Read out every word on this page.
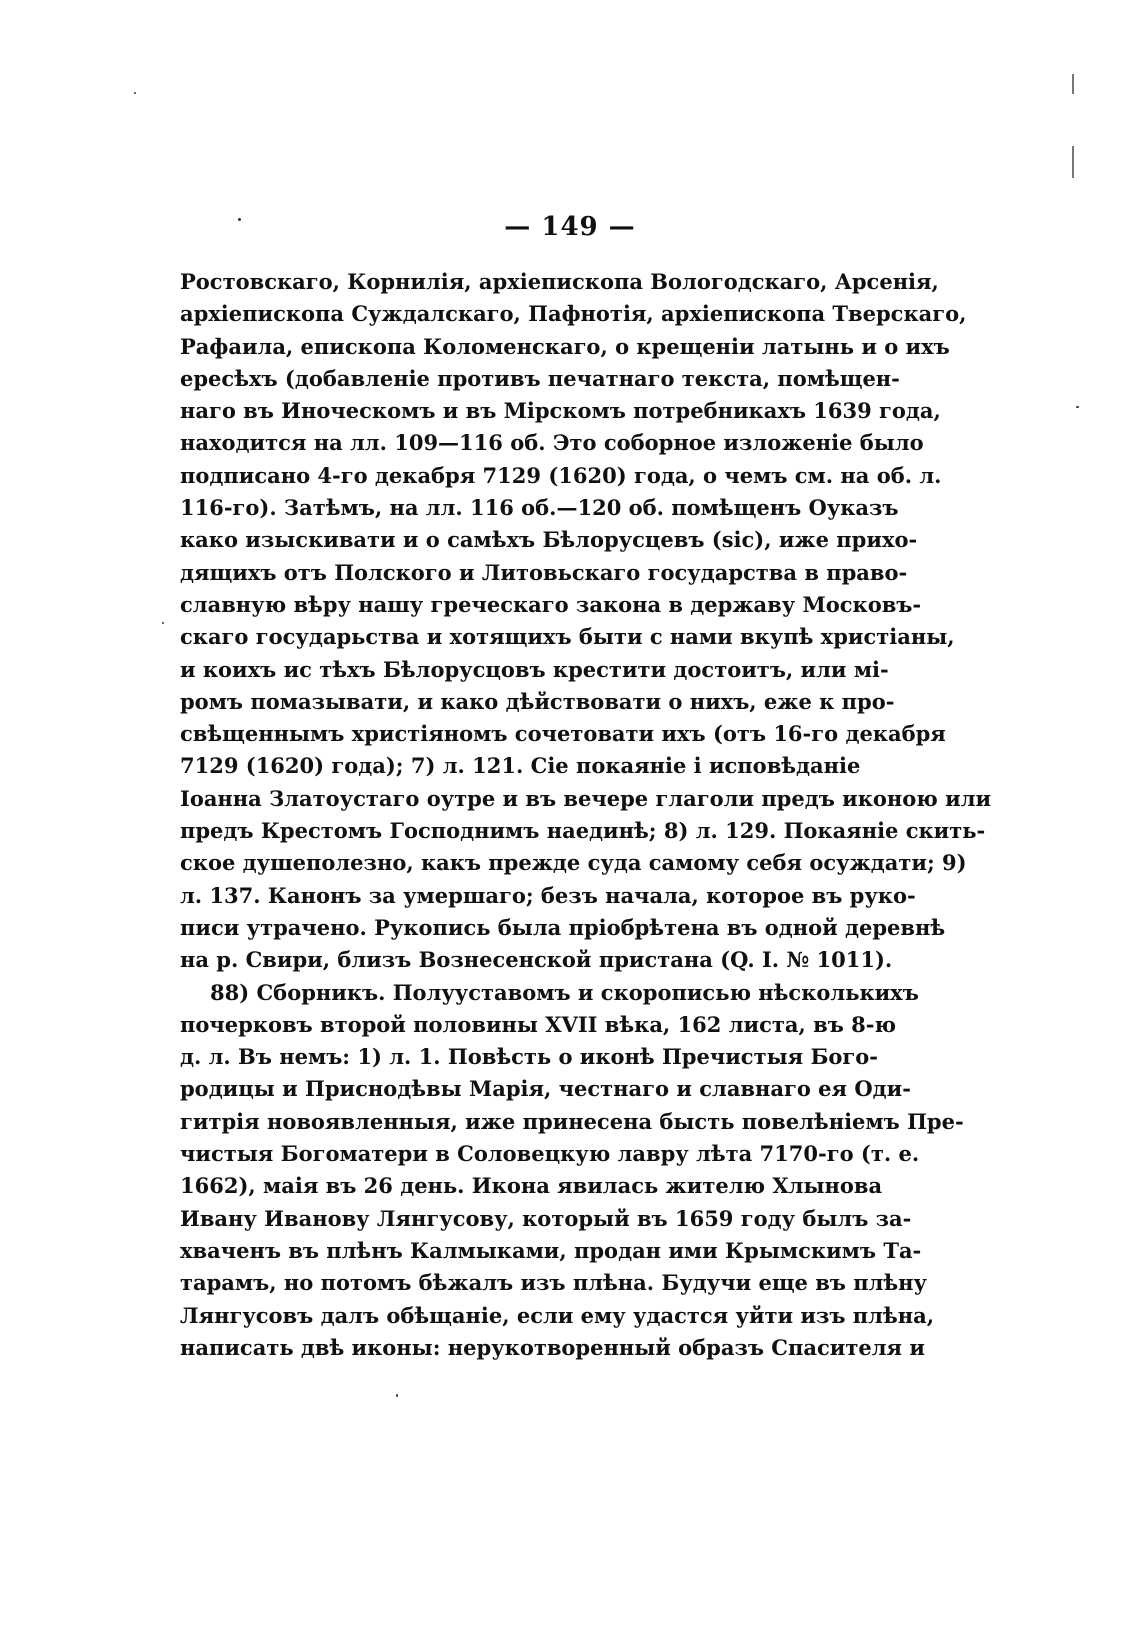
— 149 —
Ростовскаго, Корнилія, архіепископа Вологодскаго, Арсенія,
архіепископа Суждалскаго, Пафнотія, архіепископа Тверскаго,
Рафаила, епископа Коломенскаго, о крещеніи латынь и о ихъ
ересѣхъ (добавленіе противъ печатнаго текста, помѣщен-
наго въ Иноческомъ и въ Мірскомъ потребникахъ 1639 года,
находится на лл. 109—116 об. Это соборное изложеніе было
подписано 4-го декабря 7129 (1620) года, о чемъ см. на об. л.
116-го). Затѣмъ, на лл. 116 об.—120 об. помѣщенъ Оуказъ
како изыскивати и о самѣхъ Бѣлорусцевъ (sic), иже прихо-
дящихъ отъ Полского и Литовьскаго государства в право-
славную вѣру нашу греческаго закона в державу Московъ-
скаго государьства и хотящихъ быти с нами вкупѣ христіаны,
и коихъ ис тѣхъ Бѣлорусцовъ крестити достоитъ, или мі-
ромъ помазывати, и како дѣйствовати о нихъ, еже к про-
свѣщеннымъ христіяномъ сочетовати ихъ (отъ 16-го декабря
7129 (1620) года); 7) л. 121. Сіе покаяніе і исповѣданіе
Іоанна Златоустаго оутре и въ вечере глаголи предъ иконою или
предъ Крестомъ Господнимъ наединѣ; 8) л. 129. Покаяніе скить-
ское душеполезно, какъ прежде суда самому себя осуждати; 9)
л. 137. Канонъ за умершаго; безъ начала, которое въ руко-
писи утрачено. Рукопись была пріобрѣтена въ одной деревнѣ
на р. Свири, близъ Вознесенской пристана (Q. I. № 1011).
88) Сборникъ. Полууставомъ и скорописью нѣсколькихъ
почерковъ второй половины XVII вѣка, 162 листа, въ 8-ю
д. л. Въ немъ: 1) л. 1. Повѣсть о иконѣ Пречистыя Бого-
родицы и Приснодѣвы Марія, честнаго и славнаго ея Оди-
гитрія новоявленныя, иже принесена бысть повелѣніемъ Пре-
чистыя Богоматери в Соловецкую лавру лѣта 7170-го (т. е.
1662), маія въ 26 день. Икона явилась жителю Хлынова
Ивану Иванову Лянгусову, который въ 1659 году былъ за-
хваченъ въ плѣнъ Калмыками, продан ими Крымскимъ Та-
тарамъ, но потомъ бѣжалъ изъ плѣна. Будучи еще въ плѣну
Лянгусовъ далъ обѣщаніе, если ему удастся уйти изъ плѣна,
написать двѣ иконы: нерукотворенный образъ Спасителя и
